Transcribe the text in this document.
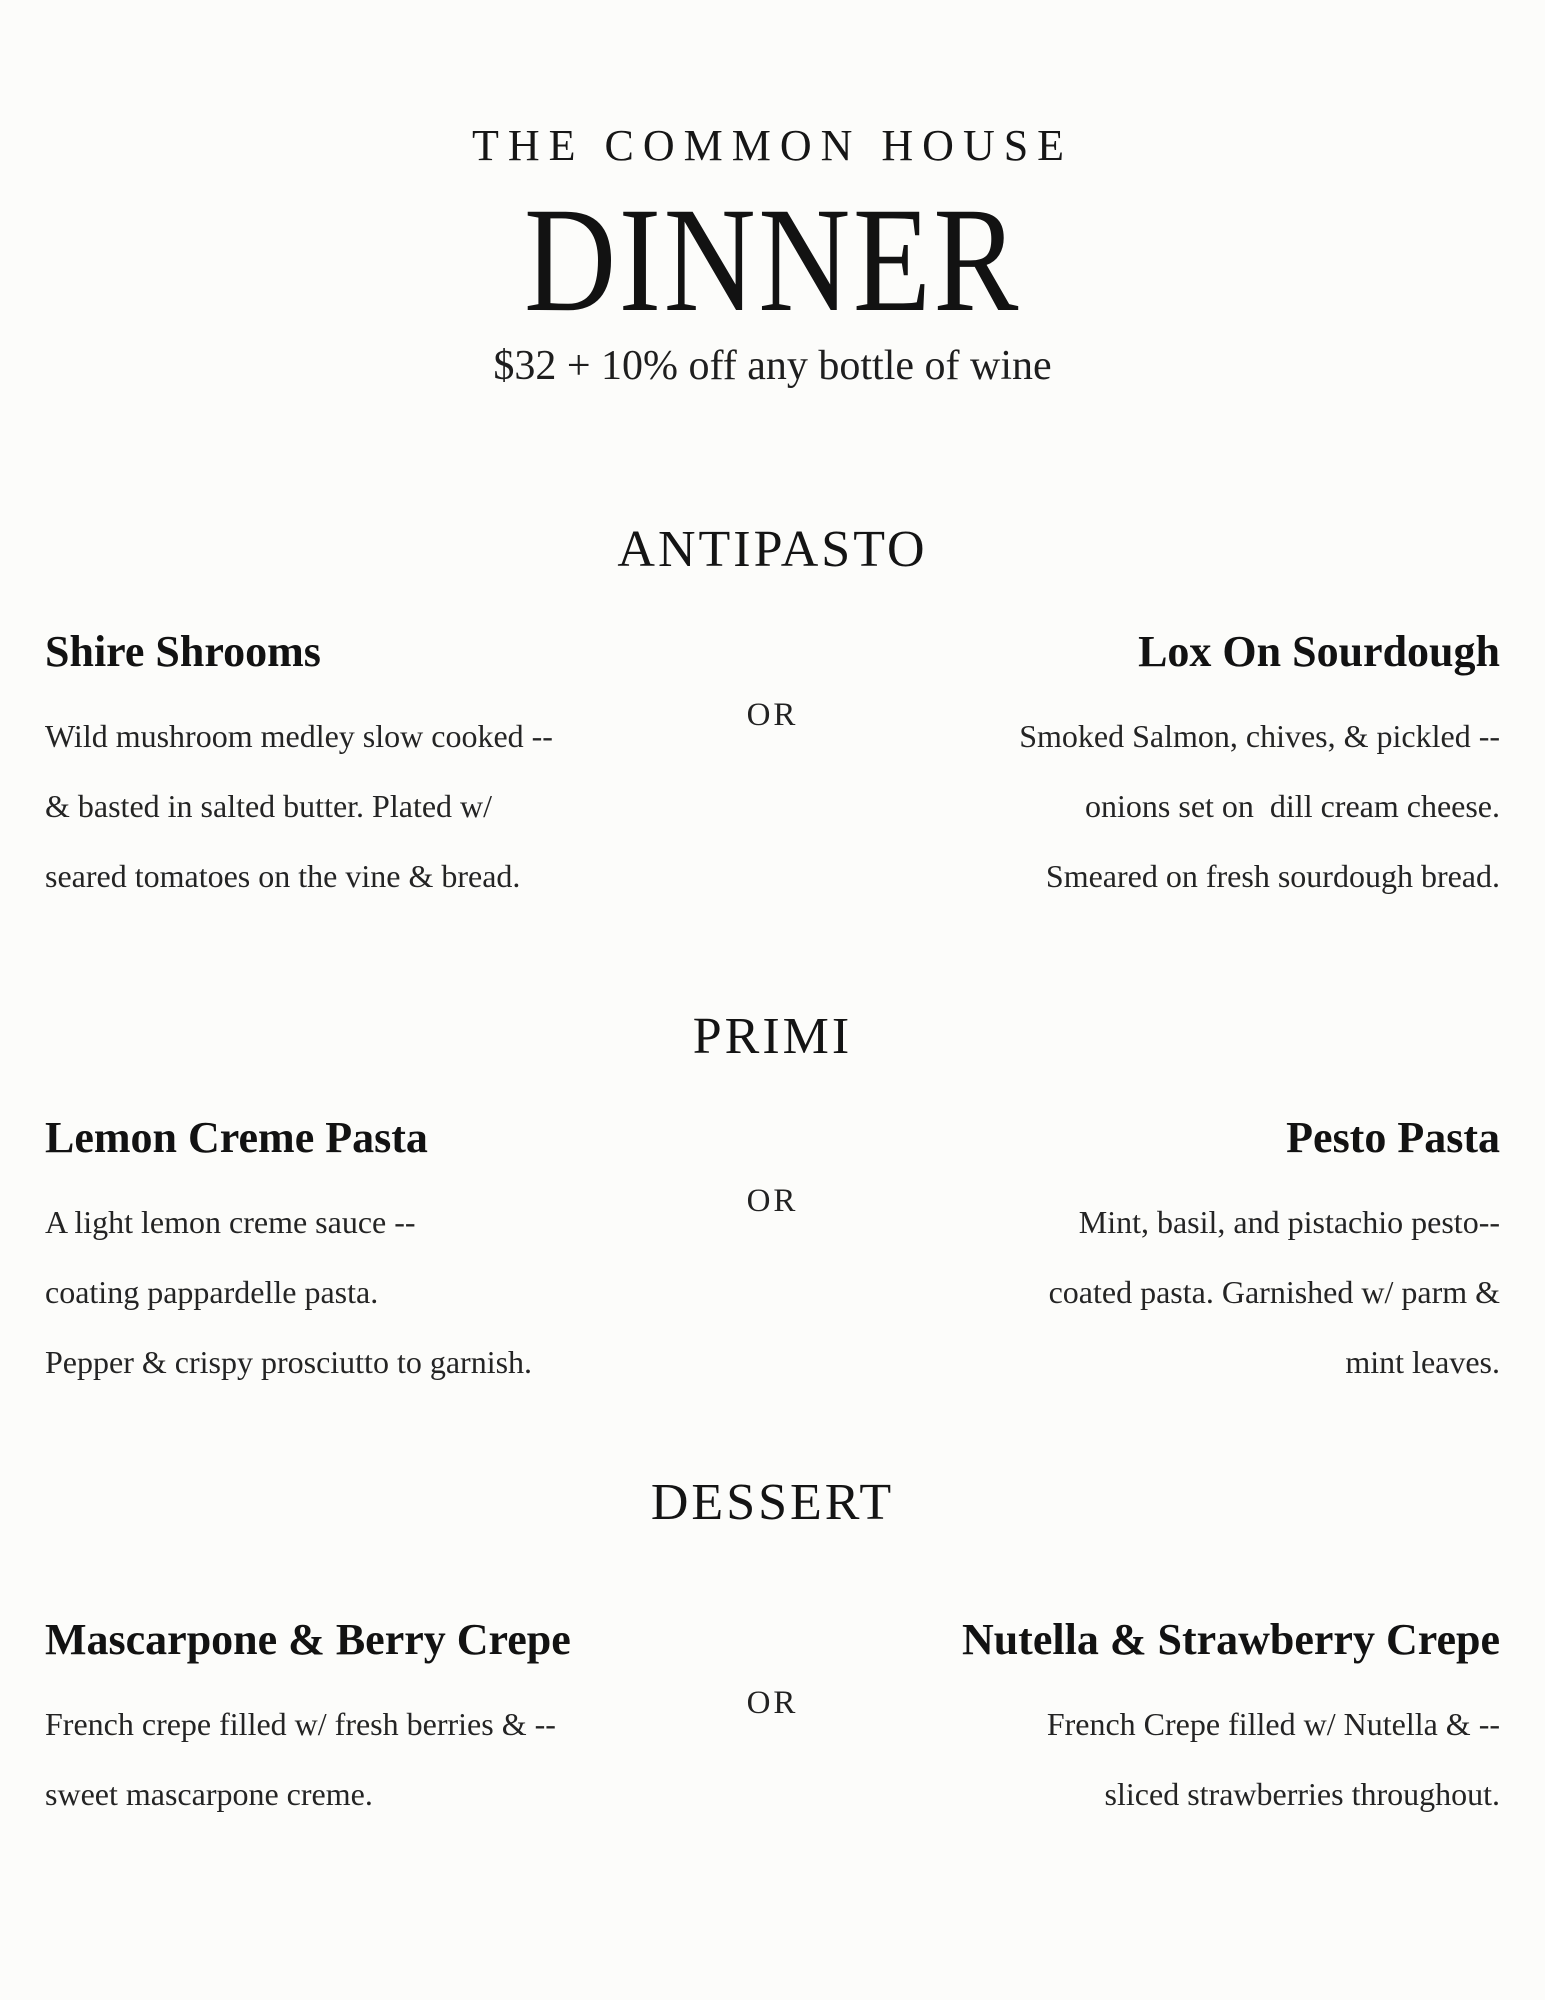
THE COMMON HOUSE
DINNER
$32 + 10% off any bottle of wine
ANTIPASTO
Shire Shrooms
Wild mushroom medley slow cooked --
& basted in salted butter. Plated w/
seared tomatoes on the vine & bread.
OR
Lox On Sourdough
Smoked Salmon, chives, & pickled --
onions set on  dill cream cheese.
Smeared on fresh sourdough bread.
PRIMI
Lemon Creme Pasta
A light lemon creme sauce --
coating pappardelle pasta.
Pepper & crispy prosciutto to garnish.
OR
Pesto Pasta
Mint, basil, and pistachio pesto--
coated pasta. Garnished w/ parm &
mint leaves.
DESSERT
Mascarpone & Berry Crepe
French crepe filled w/ fresh berries & --
sweet mascarpone creme.
OR
Nutella & Strawberry Crepe
French Crepe filled w/ Nutella & --
sliced strawberries throughout.
